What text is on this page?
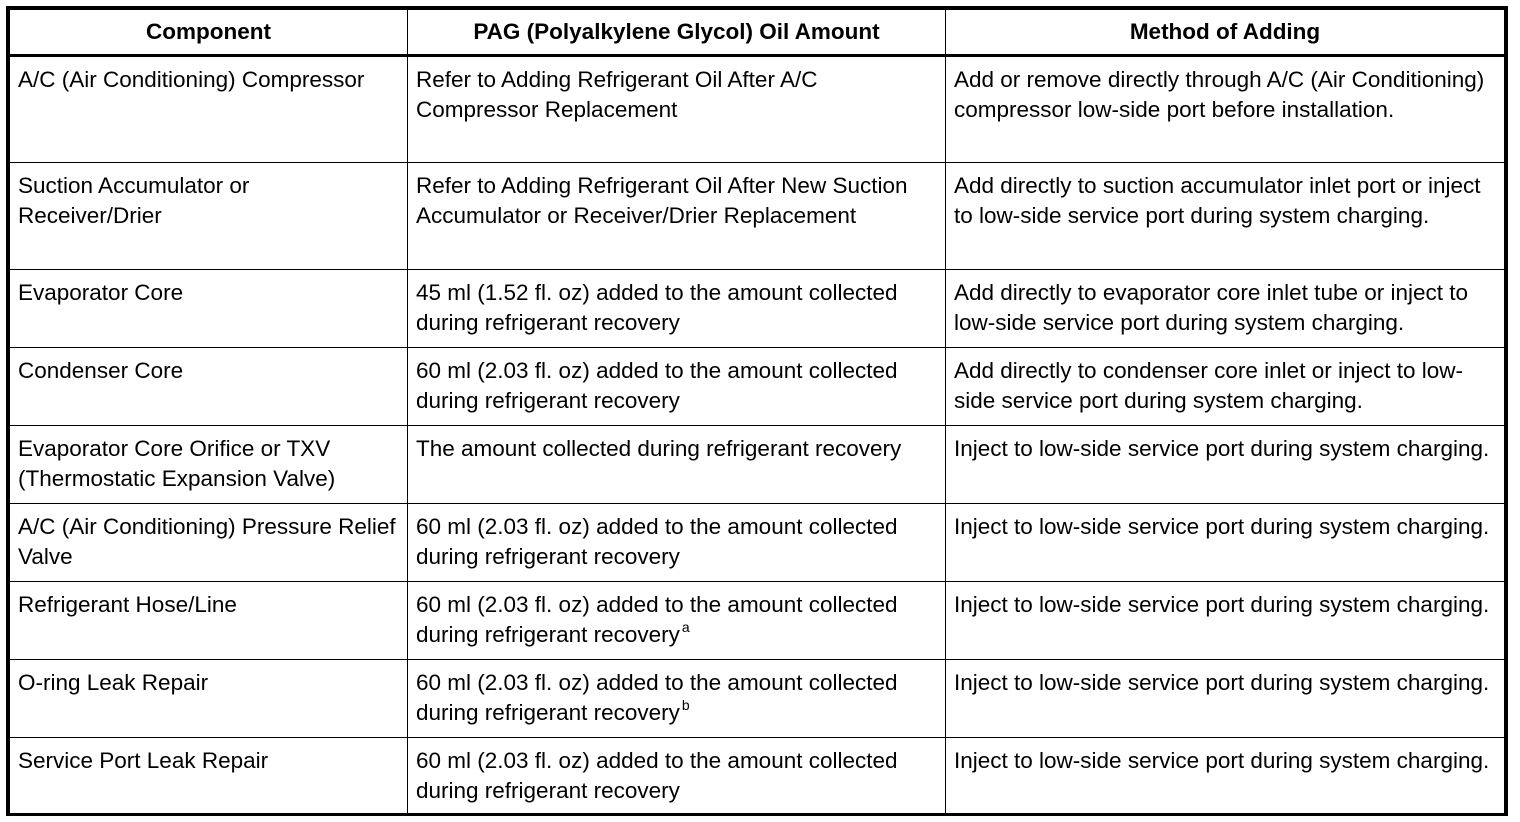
Component	PAG (Polyalkylene Glycol) Oil Amount	Method of Adding
A/C (Air Conditioning) Compressor	Refer to Adding Refrigerant Oil After A/C Compressor Replacement	Add or remove directly through A/C (Air Conditioning) compressor low-side port before installation.
Suction Accumulator or Receiver/Drier	Refer to Adding Refrigerant Oil After New Suction Accumulator or Receiver/Drier Replacement	Add directly to suction accumulator inlet port or inject to low-side service port during system charging.
Evaporator Core	45 ml (1.52 fl. oz) added to the amount collected during refrigerant recovery	Add directly to evaporator core inlet tube or inject to low-side service port during system charging.
Condenser Core	60 ml (2.03 fl. oz) added to the amount collected during refrigerant recovery	Add directly to condenser core inlet or inject to low-side service port during system charging.
Evaporator Core Orifice or TXV (Thermostatic Expansion Valve)	The amount collected during refrigerant recovery	Inject to low-side service port during system charging.
A/C (Air Conditioning) Pressure Relief Valve	60 ml (2.03 fl. oz) added to the amount collected during refrigerant recovery	Inject to low-side service port during system charging.
Refrigerant Hose/Line	60 ml (2.03 fl. oz) added to the amount collected during refrigerant recovery $^a$	Inject to low-side service port during system charging.
O-ring Leak Repair	60 ml (2.03 fl. oz) added to the amount collected during refrigerant recovery $^b$	Inject to low-side service port during system charging.
Service Port Leak Repair	60 ml (2.03 fl. oz) added to the amount collected during refrigerant recovery	Inject to low-side service port during system charging.
